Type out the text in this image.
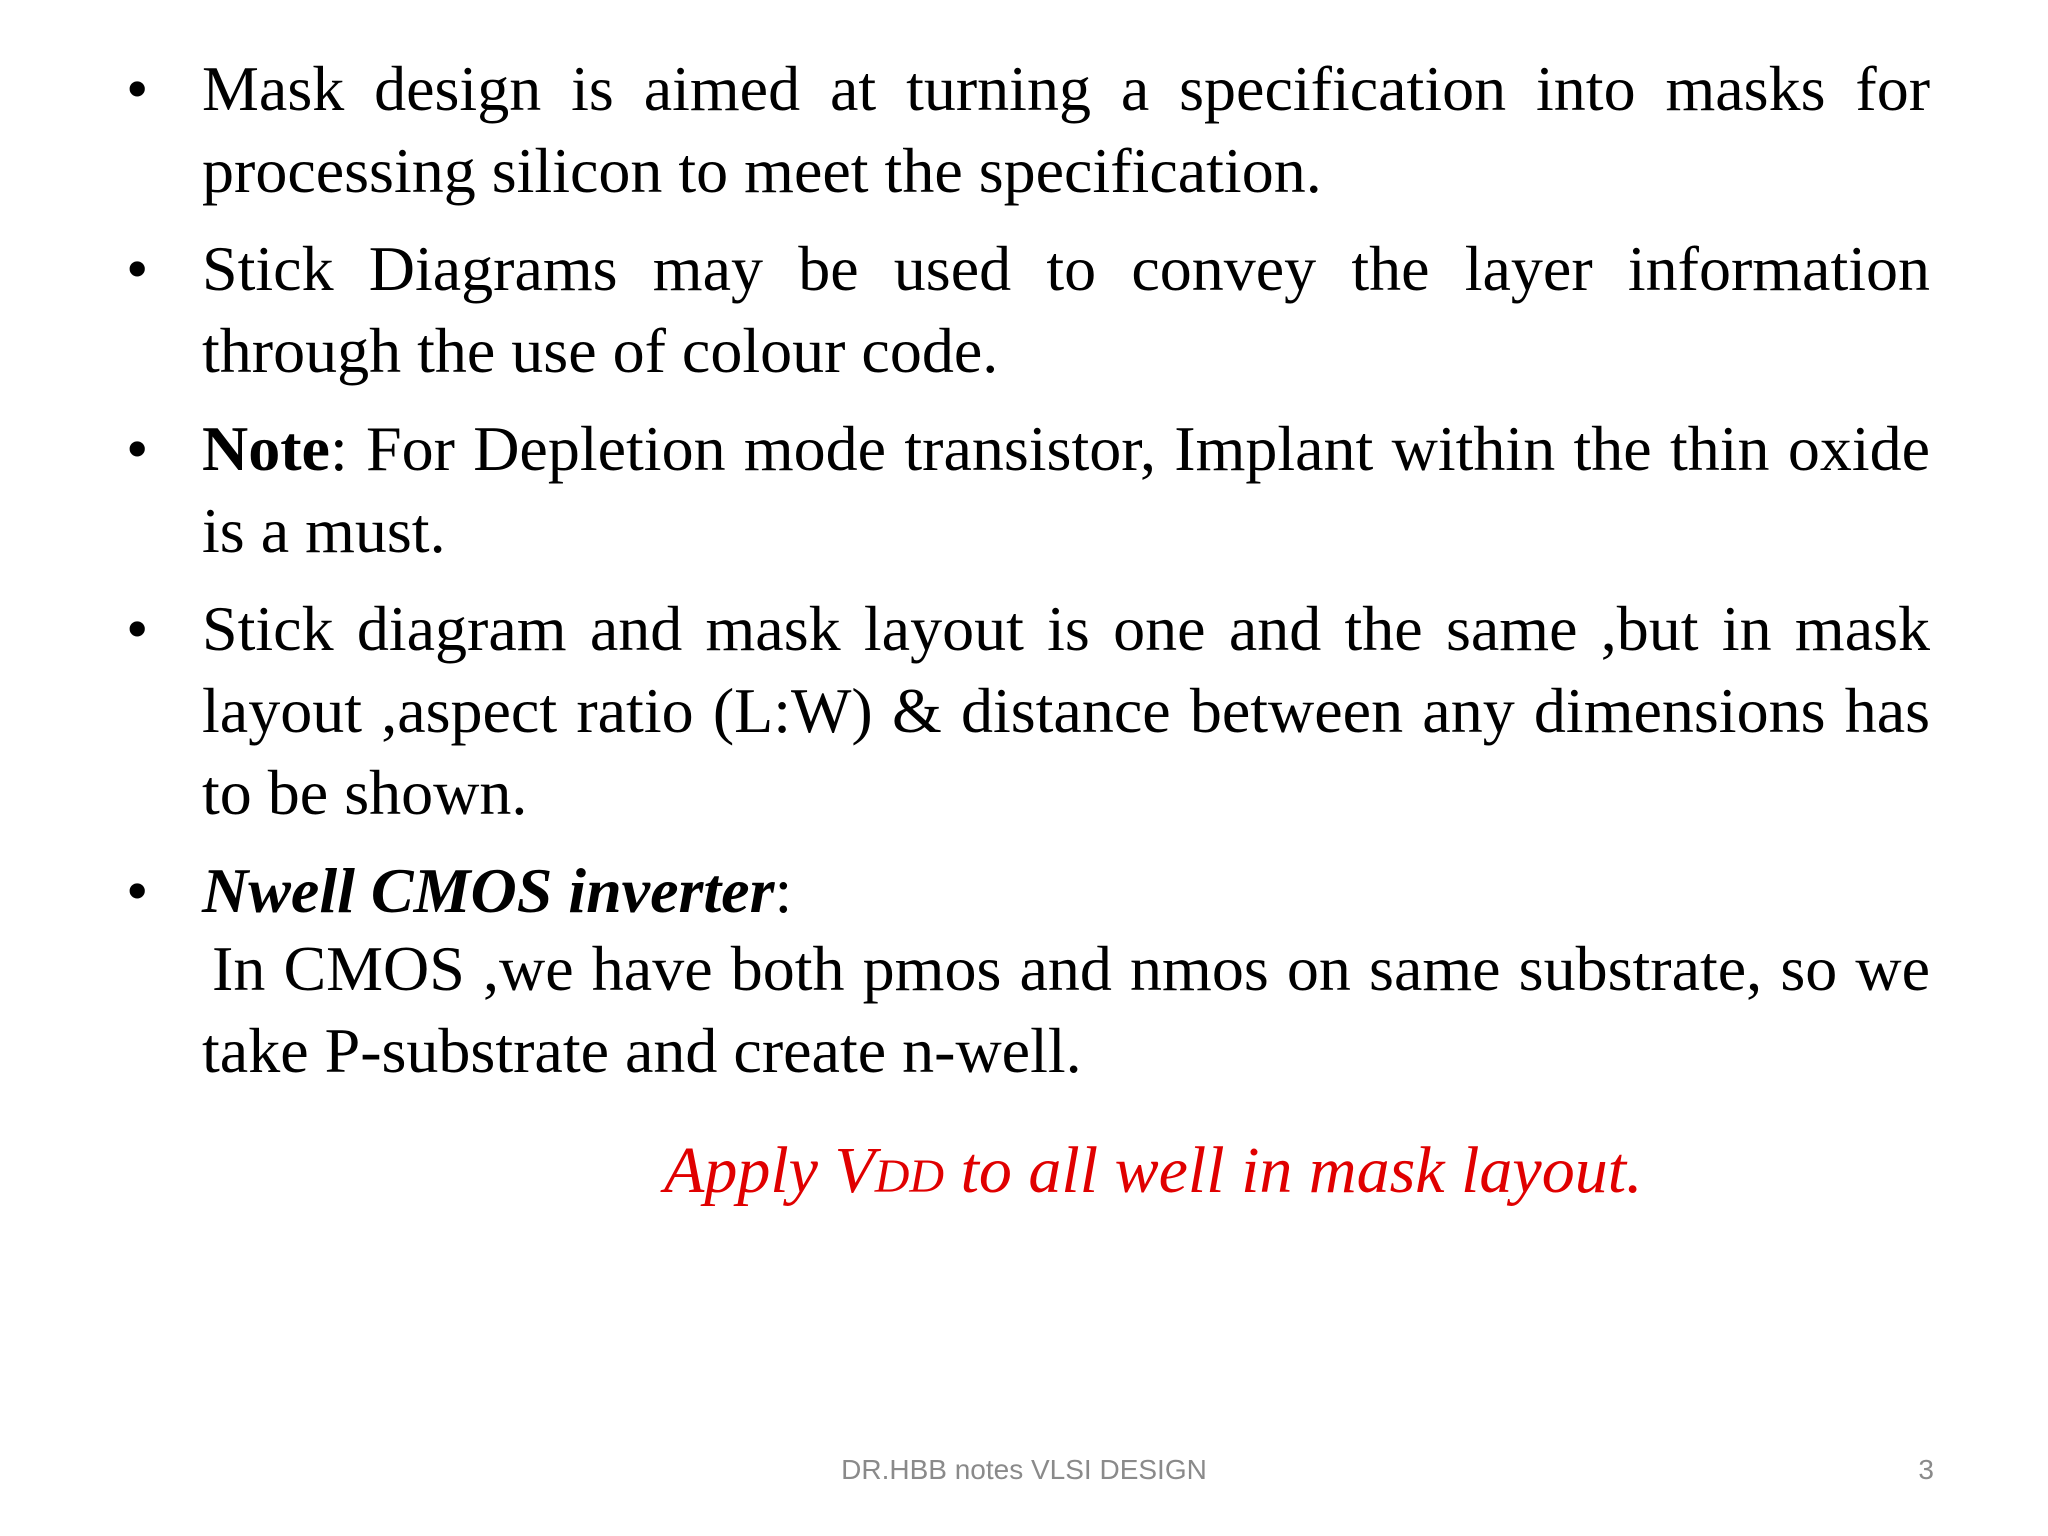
• Mask design is aimed at turning a specification into masks for processing silicon to meet the specification.
• Stick Diagrams may be used to convey the layer information through the use of colour code.
• Note: For Depletion mode transistor, Implant within the thin oxide is a must.
• Stick diagram and mask layout is one and the same ,but in mask layout ,aspect ratio (L:W) & distance between any dimensions has to be shown.
• Nwell CMOS inverter:
In CMOS ,we have both pmos and nmos on same substrate, so we take P-substrate and create n-well.
Apply VDD to all well in mask layout.
DR.HBB notes VLSI DESIGN	3
